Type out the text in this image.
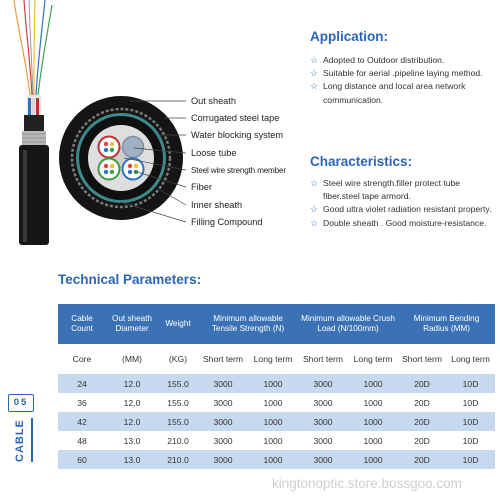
Out sheath
Corrugated steel tape
Water blocking system
Loose tube
Steel wire strength member
Fiber
Inner sheath
Filling Compound
Application:
☆ Adopted to Outdoor distribution.
☆ Suitable for aerial .pipeline laying method.
☆ Long distance and local area network communication.
Characteristics:
☆ Steel wire strength.filler protect tube fiber.steel tape armord.
☆ Good ultra violet radiation resistant property.
☆ Double sheath . Good moisture-resistance.
Technical Parameters:
Cable Count	Out sheath Diameter	Weight	Minimum allowable Tensile Strength (N)		Minimum allowable Crush Load (N/100mm)		Minimum Bending Radius (MM)	
Core	(MM)	(KG)	Short term	Long term	Short term	Long term	Short term	Long term
24	12.0	155.0	3000	1000	3000	1000	20D	10D
36	12.0	155.0	3000	1000	3000	1000	20D	10D
42	12.0	155.0	3000	1000	3000	1000	20D	10D
48	13.0	210.0	3000	1000	3000	1000	20D	10D
60	13.0	210.0	3000	1000	3000	1000	20D	10D
05
CABLE
kingtonoptic.store.bossgoo.com
